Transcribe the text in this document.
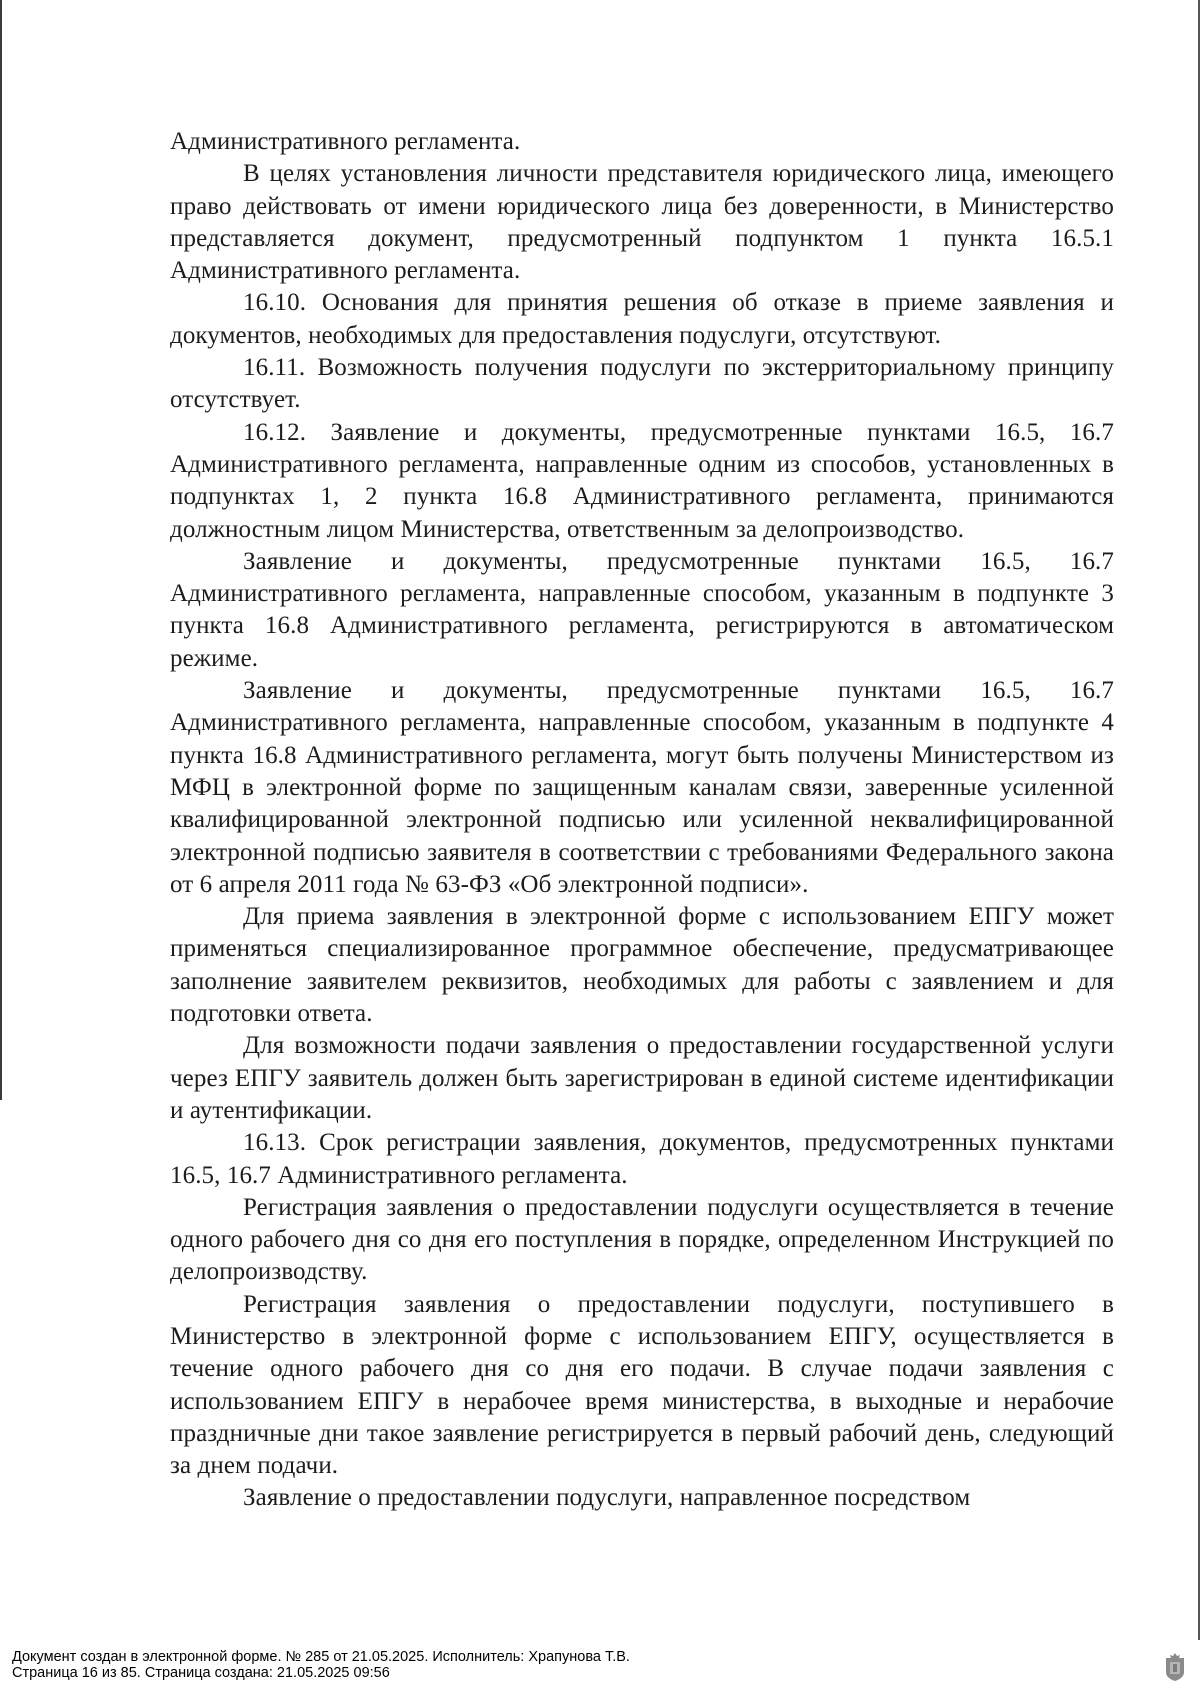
Административного регламента.

В целях установления личности представителя юридического лица, имеющего право действовать от имени юридического лица без доверенности, в Министерство представляется документ, предусмотренный подпунктом 1 пункта 16.5.1 Административного регламента.

16.10. Основания для принятия решения об отказе в приеме заявления и документов, необходимых для предоставления подуслуги, отсутствуют.

16.11. Возможность получения подуслуги по экстерриториальному принципу отсутствует.

16.12. Заявление и документы, предусмотренные пунктами 16.5, 16.7 Административного регламента, направленные одним из способов, установленных в подпунктах 1, 2 пункта 16.8 Административного регламента, принимаются должностным лицом Министерства, ответственным за делопроизводство.

Заявление и документы, предусмотренные пунктами 16.5, 16.7 Административного регламента, направленные способом, указанным в подпункте 3 пункта 16.8 Административного регламента, регистрируются в автоматическом режиме.

Заявление и документы, предусмотренные пунктами 16.5, 16.7 Административного регламента, направленные способом, указанным в подпункте 4 пункта 16.8 Административного регламента, могут быть получены Министерством из МФЦ в электронной форме по защищенным каналам связи, заверенные усиленной квалифицированной электронной подписью или усиленной неквалифицированной электронной подписью заявителя в соответствии с требованиями Федерального закона от 6 апреля 2011 года № 63-ФЗ «Об электронной подписи».

Для приема заявления в электронной форме с использованием ЕПГУ может применяться специализированное программное обеспечение, предусматривающее заполнение заявителем реквизитов, необходимых для работы с заявлением и для подготовки ответа.

Для возможности подачи заявления о предоставлении государственной услуги через ЕПГУ заявитель должен быть зарегистрирован в единой системе идентификации и аутентификации.

16.13. Срок регистрации заявления, документов, предусмотренных пунктами 16.5, 16.7 Административного регламента.

Регистрация заявления о предоставлении подуслуги осуществляется в течение одного рабочего дня со дня его поступления в порядке, определенном Инструкцией по делопроизводству.

Регистрация заявления о предоставлении подуслуги, поступившего в Министерство в электронной форме с использованием ЕПГУ, осуществляется в течение одного рабочего дня со дня его подачи. В случае подачи заявления с использованием ЕПГУ в нерабочее время министерства, в выходные и нерабочие праздничные дни такое заявление регистрируется в первый рабочий день, следующий за днем подачи.

Заявление о предоставлении подуслуги, направленное посредством

Документ создан в электронной форме. № 285 от 21.05.2025. Исполнитель: Храпунова Т.В.
Страница 16 из 85. Страница создана: 21.05.2025 09:56
